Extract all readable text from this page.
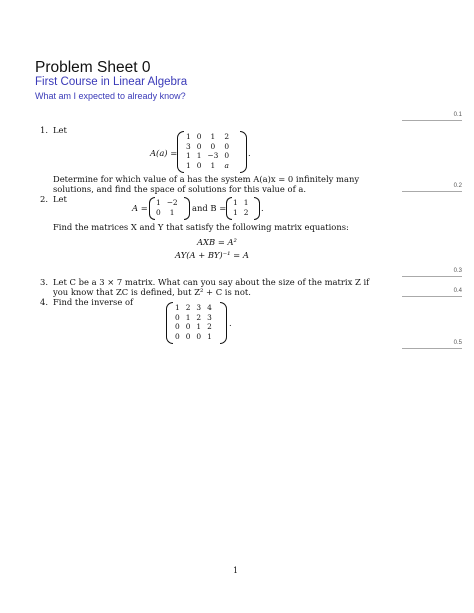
Problem Sheet 0
First Course in Linear Algebra
What am I expected to already know?
0.1
0.2
0.3
0.4
0.5
1. Let
A(a) =
1	0	1	2
3	0	0	0
1	1	−3	0
1	0	1	a
.
Determine for which value of a has the system A(a)x = 0 infinitely many
solutions, and find the space of solutions for this value of a.
2. Let
A =
1	−2
0	1 and B =
1	1
1	2 .
Find the matrices X and Y that satisfy the following matrix equations:
AXB = A²
AY(A + BY)⁻¹ = A
3. Let C be a 3 × 7 matrix. What can you say about the size of the matrix Z if
you know that ZC is defined, but Z² + C is not.
4. Find the inverse of
1	2	3	4
0	1	2	3
0	0	1	2
0	0	0	1
.
1
